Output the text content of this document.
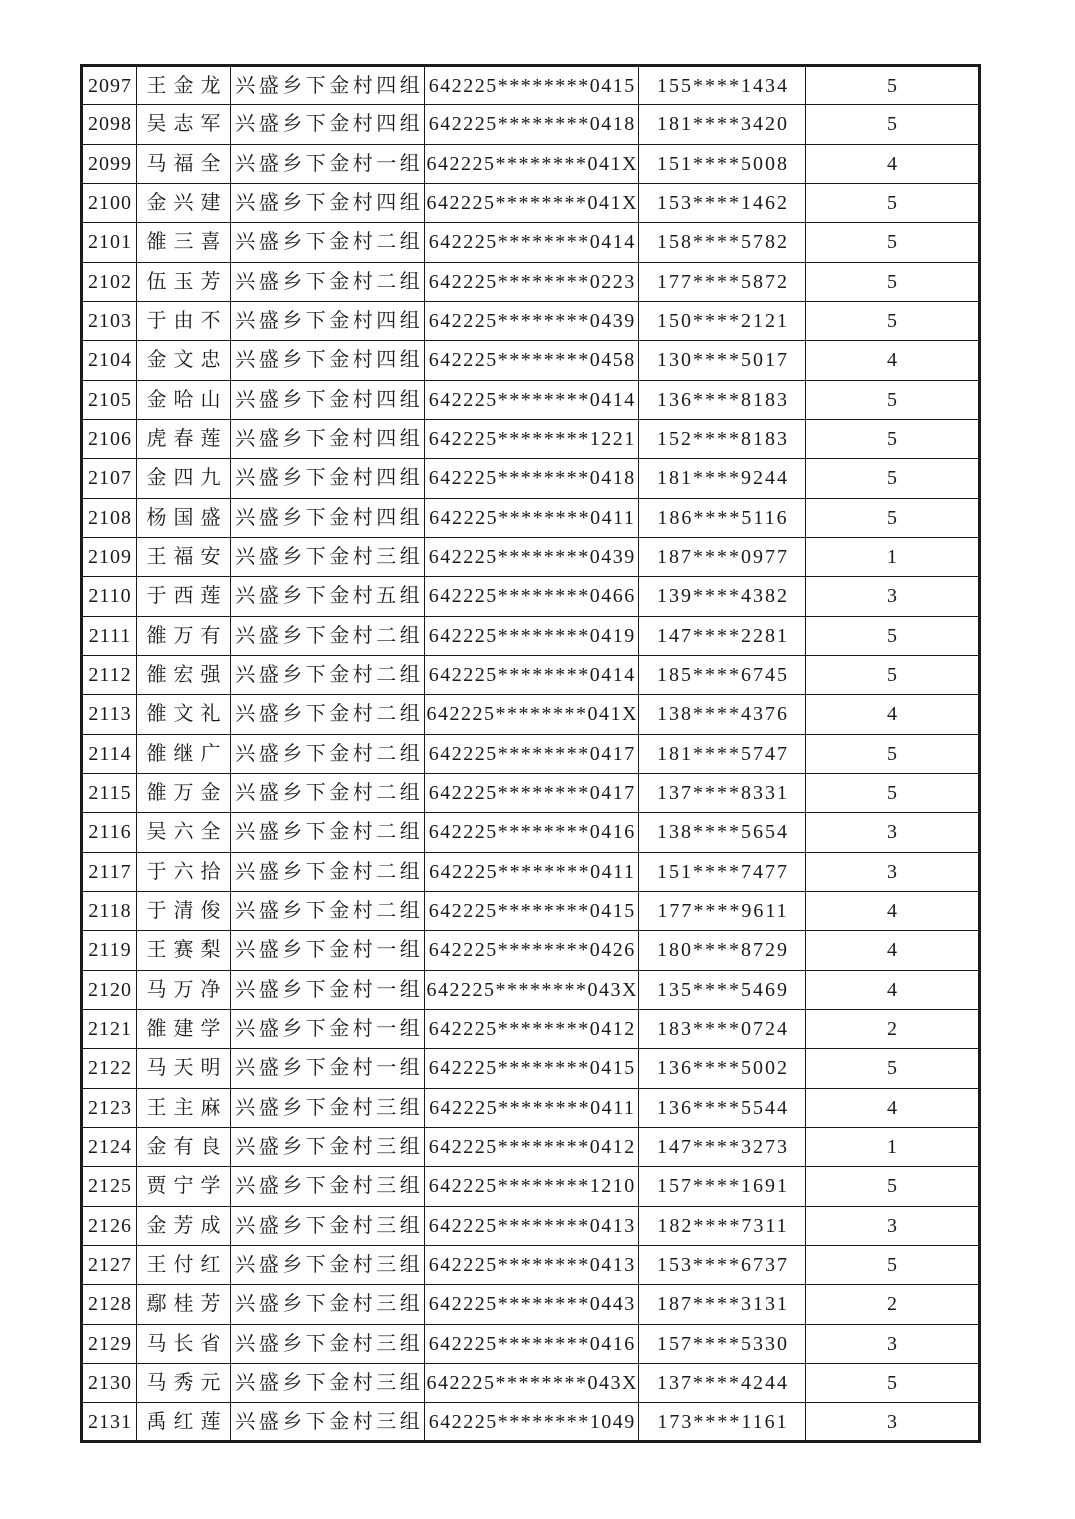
2097	王金龙	兴盛乡下金村四组	642225********0415	155****1434	5
2098	吴志军	兴盛乡下金村四组	642225********0418	181****3420	5
2099	马福全	兴盛乡下金村一组	642225********041X	151****5008	4
2100	金兴建	兴盛乡下金村四组	642225********041X	153****1462	5
2101	雒三喜	兴盛乡下金村二组	642225********0414	158****5782	5
2102	伍玉芳	兴盛乡下金村二组	642225********0223	177****5872	5
2103	于由不	兴盛乡下金村四组	642225********0439	150****2121	5
2104	金文忠	兴盛乡下金村四组	642225********0458	130****5017	4
2105	金哈山	兴盛乡下金村四组	642225********0414	136****8183	5
2106	虎春莲	兴盛乡下金村四组	642225********1221	152****8183	5
2107	金四九	兴盛乡下金村四组	642225********0418	181****9244	5
2108	杨国盛	兴盛乡下金村四组	642225********0411	186****5116	5
2109	王福安	兴盛乡下金村三组	642225********0439	187****0977	1
2110	于西莲	兴盛乡下金村五组	642225********0466	139****4382	3
2111	雒万有	兴盛乡下金村二组	642225********0419	147****2281	5
2112	雒宏强	兴盛乡下金村二组	642225********0414	185****6745	5
2113	雒文礼	兴盛乡下金村二组	642225********041X	138****4376	4
2114	雒继广	兴盛乡下金村二组	642225********0417	181****5747	5
2115	雒万金	兴盛乡下金村二组	642225********0417	137****8331	5
2116	吴六全	兴盛乡下金村二组	642225********0416	138****5654	3
2117	于六拾	兴盛乡下金村二组	642225********0411	151****7477	3
2118	于清俊	兴盛乡下金村二组	642225********0415	177****9611	4
2119	王赛梨	兴盛乡下金村一组	642225********0426	180****8729	4
2120	马万净	兴盛乡下金村一组	642225********043X	135****5469	4
2121	雒建学	兴盛乡下金村一组	642225********0412	183****0724	2
2122	马天明	兴盛乡下金村一组	642225********0415	136****5002	5
2123	王主麻	兴盛乡下金村三组	642225********0411	136****5544	4
2124	金有良	兴盛乡下金村三组	642225********0412	147****3273	1
2125	贾宁学	兴盛乡下金村三组	642225********1210	157****1691	5
2126	金芳成	兴盛乡下金村三组	642225********0413	182****7311	3
2127	王付红	兴盛乡下金村三组	642225********0413	153****6737	5
2128	鄢桂芳	兴盛乡下金村三组	642225********0443	187****3131	2
2129	马长省	兴盛乡下金村三组	642225********0416	157****5330	3
2130	马秀元	兴盛乡下金村三组	642225********043X	137****4244	5
2131	禹红莲	兴盛乡下金村三组	642225********1049	173****1161	3
